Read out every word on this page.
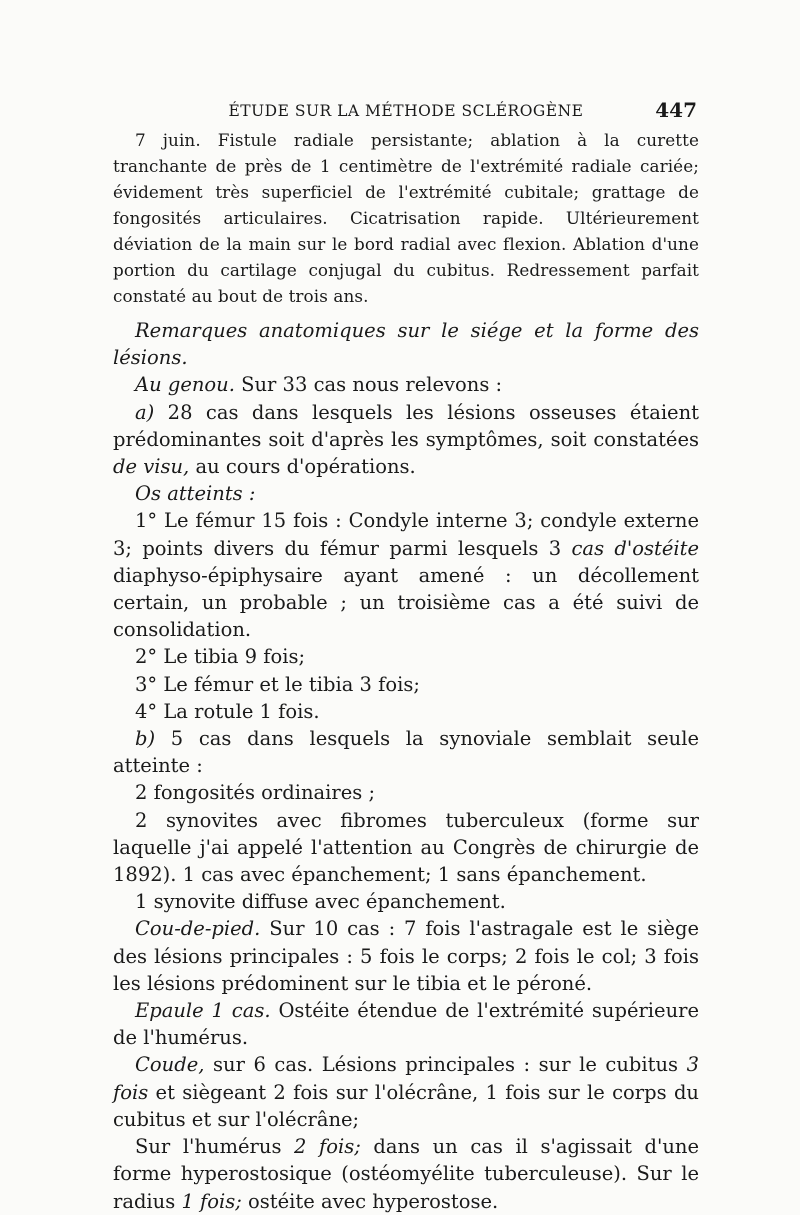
ÉTUDE SUR LA MÉTHODE SCLÉROGÈNE	447

7 juin. Fistule radiale persistante; ablation à la curette tranchante de près de 1 centimètre de l'extrémité radiale cariée; évidement très superficiel de l'extrémité cubitale; grattage de fongosités articulaires. Cicatrisation rapide. Ultérieurement déviation de la main sur le bord radial avec flexion. Ablation d'une portion du cartilage conjugal du cubitus. Redressement parfait constaté au bout de trois ans.

Remarques anatomiques sur le siége et la forme des lésions.

Au genou. Sur 33 cas nous relevons :

a) 28 cas dans lesquels les lésions osseuses étaient prédominantes soit d'après les symptômes, soit constatées de visu, au cours d'opérations.

Os atteints :

1° Le fémur 15 fois : Condyle interne 3; condyle externe 3; points divers du fémur parmi lesquels 3 cas d'ostéite diaphyso-épiphysaire ayant amené : un décollement certain, un probable ; un troisième cas a été suivi de consolidation.

2° Le tibia 9 fois;

3° Le fémur et le tibia 3 fois;

4° La rotule 1 fois.

b) 5 cas dans lesquels la synoviale semblait seule atteinte :

2 fongosités ordinaires ;

2 synovites avec fibromes tuberculeux (forme sur laquelle j'ai appelé l'attention au Congrès de chirurgie de 1892). 1 cas avec épanchement; 1 sans épanchement.

1 synovite diffuse avec épanchement.

Cou-de-pied. Sur 10 cas : 7 fois l'astragale est le siège des lésions principales : 5 fois le corps; 2 fois le col; 3 fois les lésions prédominent sur le tibia et le péroné.

Epaule 1 cas. Ostéite étendue de l'extrémité supérieure de l'humérus.

Coude, sur 6 cas. Lésions principales : sur le cubitus 3 fois et siègeant 2 fois sur l'olécrâne, 1 fois sur le corps du cubitus et sur l'olécrâne;

Sur l'humérus 2 fois; dans un cas il s'agissait d'une forme hyperostosique (ostéomyélite tuberculeuse). Sur le radius 1 fois; ostéite avec hyperostose.
